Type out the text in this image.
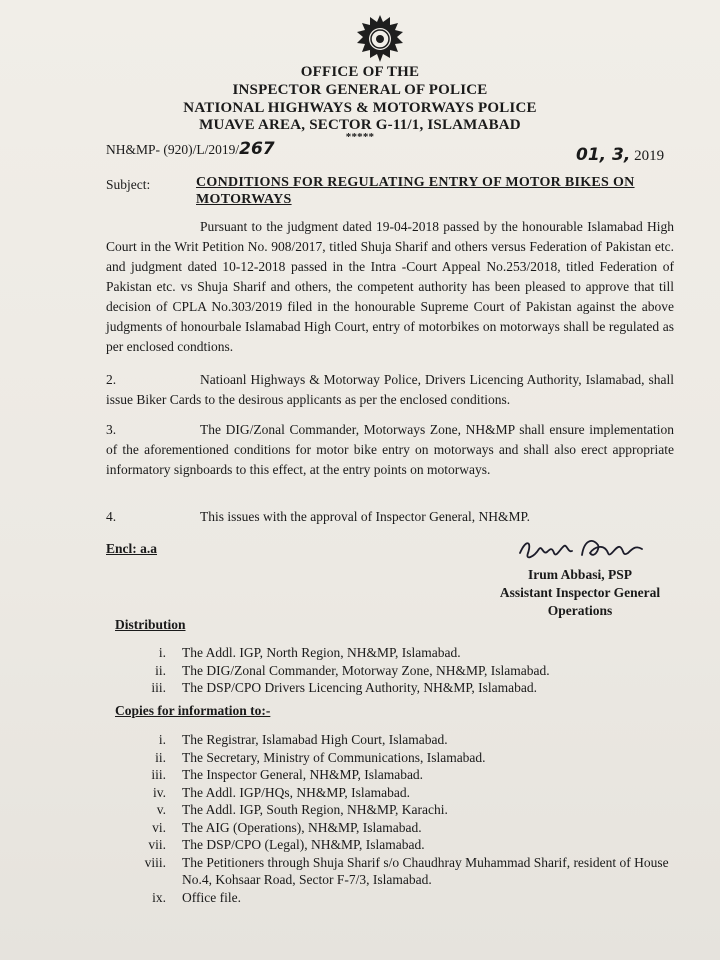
OFFICE OF THE
INSPECTOR GENERAL OF POLICE
NATIONAL HIGHWAYS & MOTORWAYS POLICE
MUAVE AREA, SECTOR G-11/1, ISLAMABAD
*****
NH&MP- (920)/L/2019/267	01, 3, 2019
Subject:	CONDITIONS FOR REGULATING ENTRY OF MOTOR BIKES ON MOTORWAYS
Pursuant to the judgment dated 19-04-2018 passed by the honourable Islamabad High Court in the Writ Petition No. 908/2017, titled Shuja Sharif and others versus Federation of Pakistan etc. and judgment dated 10-12-2018 passed in the Intra -Court Appeal No.253/2018, titled Federation of Pakistan etc. vs Shuja Sharif and others, the competent authority has been pleased to approve that till decision of CPLA No.303/2019 filed in the honourable Supreme Court of Pakistan against the above judgments of honourbale Islamabad High Court, entry of motorbikes on motorways shall be regulated as per enclosed condtions.
2.	Natioanl Highways & Motorway Police, Drivers Licencing Authority, Islamabad, shall issue Biker Cards to the desirous applicants as per the enclosed conditions.
3.	The DIG/Zonal Commander, Motorways Zone, NH&MP shall ensure implementation of the aforementioned conditions for motor bike entry on motorways and shall also erect appropriate informatory signboards to this effect, at the entry points on motorways.
4.	This issues with the approval of Inspector General, NH&MP.
Encl: a.a
Irum Abbasi, PSP
Assistant Inspector General
Operations
Distribution
i.	The Addl. IGP, North Region, NH&MP, Islamabad.
ii.	The DIG/Zonal Commander, Motorway Zone, NH&MP, Islamabad.
iii.	The DSP/CPO Drivers Licencing Authority, NH&MP, Islamabad.
Copies for information to:-
i.	The Registrar, Islamabad High Court, Islamabad.
ii.	The Secretary, Ministry of Communications, Islamabad.
iii.	The Inspector General, NH&MP, Islamabad.
iv.	The Addl. IGP/HQs, NH&MP, Islamabad.
v.	The Addl. IGP, South Region, NH&MP, Karachi.
vi.	The AIG (Operations), NH&MP, Islamabad.
vii.	The DSP/CPO (Legal), NH&MP, Islamabad.
viii.	The Petitioners through Shuja Sharif s/o Chaudhray Muhammad Sharif, resident of House No.4, Kohsaar Road, Sector F-7/3, Islamabad.
ix.	Office file.
